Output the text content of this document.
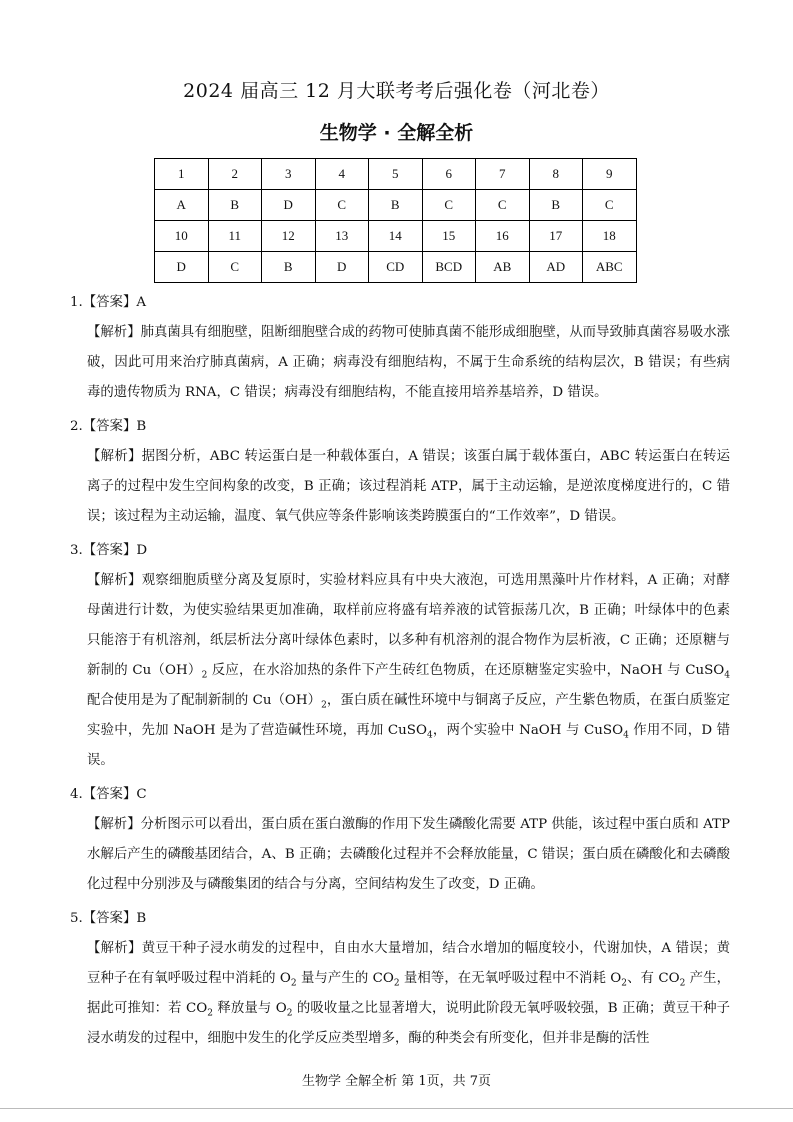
2024 届高三 12 月大联考考后强化卷（河北卷）
生物学 · 全解全析
1	2	3	4	5	6	7	8	9
A	B	D	C	B	C	C	B	C
10	11	12	13	14	15	16	17	18
D	C	B	D	CD	BCD	AB	AD	ABC

1.【答案】A

【解析】肺真菌具有细胞壁，阻断细胞壁合成的药物可使肺真菌不能形成细胞壁，从而导致肺真菌容易吸水涨破，因此可用来治疗肺真菌病，A 正确；病毒没有细胞结构，不属于生命系统的结构层次，B 错误；有些病毒的遗传物质为 RNA，C 错误；病毒没有细胞结构，不能直接用培养基培养，D 错误。

2.【答案】B

【解析】据图分析，ABC 转运蛋白是一种载体蛋白，A 错误；该蛋白属于载体蛋白，ABC 转运蛋白在转运离子的过程中发生空间构象的改变，B 正确；该过程消耗 ATP，属于主动运输，是逆浓度梯度进行的，C 错误；该过程为主动运输，温度、氧气供应等条件影响该类跨膜蛋白的“工作效率”，D 错误。

3.【答案】D

【解析】观察细胞质壁分离及复原时，实验材料应具有中央大液泡，可选用黑藻叶片作材料，A 正确；对酵母菌进行计数，为使实验结果更加准确，取样前应将盛有培养液的试管振荡几次，B 正确；叶绿体中的色素只能溶于有机溶剂，纸层析法分离叶绿体色素时，以多种有机溶剂的混合物作为层析液，C 正确；还原糖与新制的 $Cu(OH)_2$ 反应，在水浴加热的条件下产生砖红色物质，在还原糖鉴定实验中，NaOH 与 CuSO$_4$ 配合使用是为了配制新制的 $Cu(OH)_2$，蛋白质在碱性环境中与铜离子反应，产生紫色物质，在蛋白质鉴定实验中，先加 NaOH 是为了营造碱性环境，再加 CuSO$_4$，两个实验中 NaOH 与 CuSO$_4$ 作用不同，D 错误。

4.【答案】C

【解析】分析图示可以看出，蛋白质在蛋白激酶的作用下发生磷酸化需要 ATP 供能，该过程中蛋白质和 ATP 水解后产生的磷酸基团结合，A、B 正确；去磷酸化过程并不会释放能量，C 错误；蛋白质在磷酸化和去磷酸化过程中分别涉及与磷酸集团的结合与分离，空间结构发生了改变，D 正确。

5.【答案】B

【解析】黄豆干种子浸水萌发的过程中，自由水大量增加，结合水增加的幅度较小，代谢加快，A 错误；黄豆种子在有氧呼吸过程中消耗的 $O_2$ 量与产生的 $CO_2$ 量相等，在无氧呼吸过程中不消耗 $O_2$、有 $CO_2$ 产生，据此可推知：若 $CO_2$ 释放量与 $O_2$ 的吸收量之比显著增大，说明此阶段无氧呼吸较强，B 正确；黄豆干种子浸水萌发的过程中，细胞中发生的化学反应类型增多，酶的种类会有所变化，但并非是酶的活性

生物学 全解全析 第 1页，共 7页
